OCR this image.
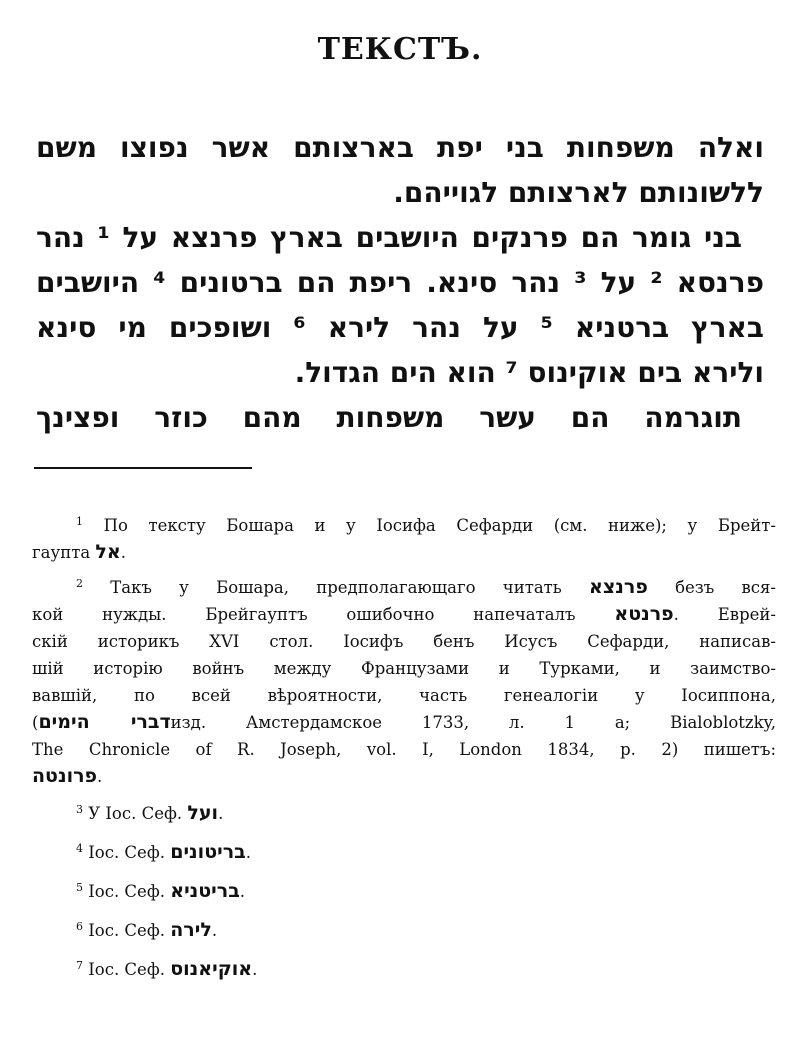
ТЕКСТЪ.
ואלה משפחות בני יפת בארצותם אשר נפוצו משם
ללשונותם לארצותם לגוייהם.
בני גומר הם פרנקים היושבים בארץ פרנצא על ¹ נהר
פרנסא ² על ³ נהר סינא. ריפת הם ברטונים ⁴ היושבים
בארץ ברטניא ⁵ על נהר לירא ⁶ ושופכים מי סינא
ולירא בים אוקינוס ⁷ הוא הים הגדול.
תוגרמה הם עשר משפחות מהם כוזר ופצינך
$^1$ По тексту Бошара и у Іосифа Сефарди (см. ниже); у Брейт-
гаупта אל.
$^2$ Такъ у Бошара, предполагающаго читать פרנצא безъ вся-
кой нужды. Брейгауптъ ошибочно напечаталъ פרנטא. Еврей-
скій историкъ XVI стол. Іосифъ бенъ Исусъ Сефарди, написав-
шій исторію войнъ между Французами и Турками, и заимство-
вавшій, по всей вѣроятности, часть генеалогіи у Іосиппона,
(דברי הימיםизд. Амстердамское 1733, л. 1 a; Bialoblotzky,
The Chronicle of R. Joseph, vol. I, London 1834, p. 2) пишетъ:
פרונטה.
$^3$ У Іос. Сеф. ועל.
$^4$ Іос. Сеф. בריטונים.
$^5$ Іос. Сеф. בריטניא.
$^6$ Іос. Сеф. לירה.
$^7$ Іос. Сеф. אוקיאנוס.
